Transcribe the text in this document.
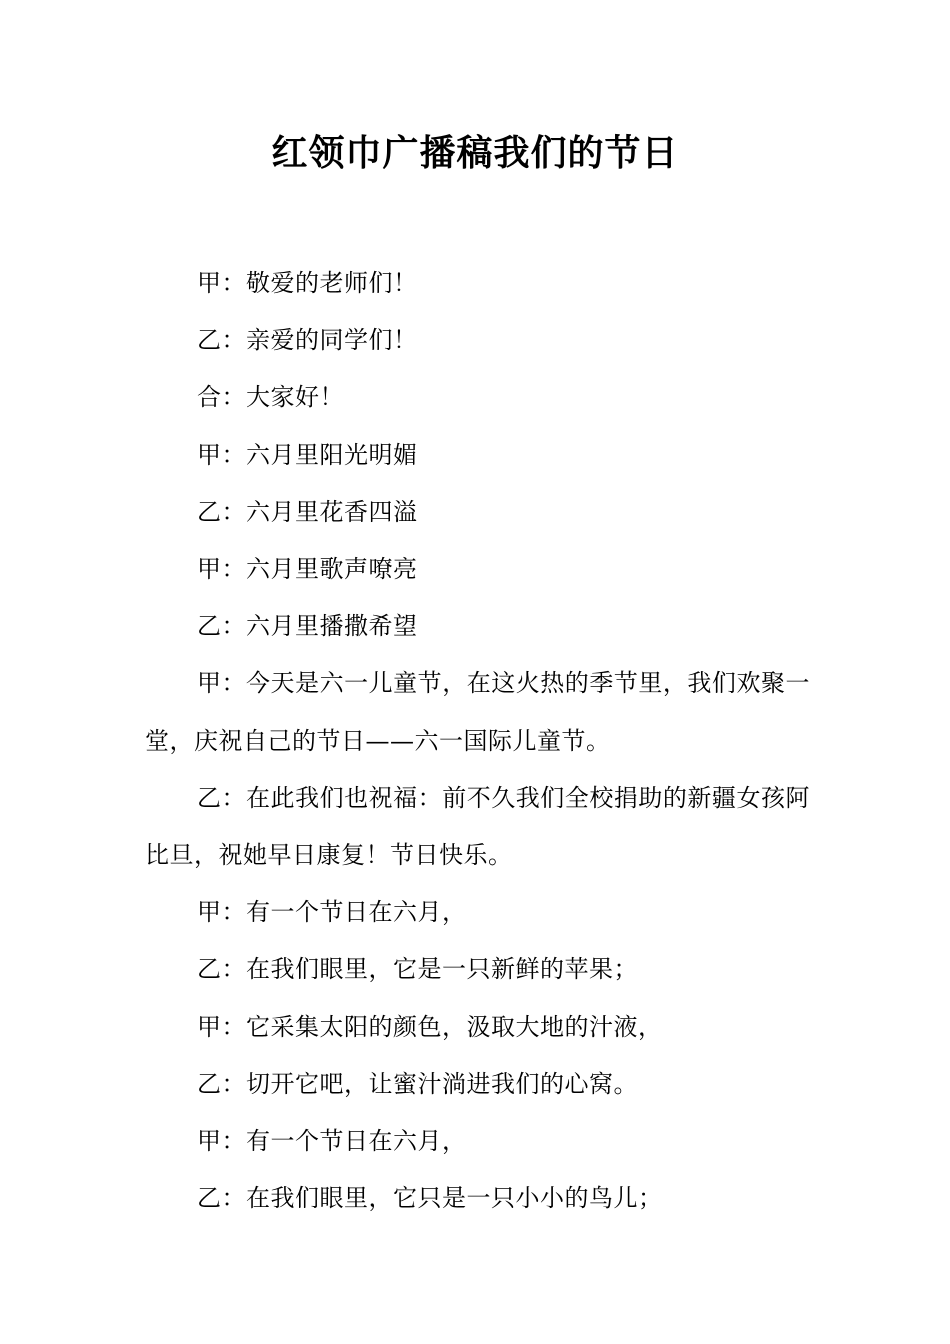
红领巾广播稿我们的节日

甲：敬爱的老师们！

乙：亲爱的同学们！

合：大家好！

甲：六月里阳光明媚

乙：六月里花香四溢

甲：六月里歌声嘹亮

乙：六月里播撒希望

甲：今天是六一儿童节，在这火热的季节里，我们欢聚一堂，庆祝自己的节日——六一国际儿童节。

乙：在此我们也祝福：前不久我们全校捐助的新疆女孩阿比旦，祝她早日康复！节日快乐。

甲：有一个节日在六月，

乙：在我们眼里，它是一只新鲜的苹果；

甲：它采集太阳的颜色，汲取大地的汁液，

乙：切开它吧，让蜜汁淌进我们的心窝。

甲：有一个节日在六月，

乙：在我们眼里，它只是一只小小的鸟儿；
